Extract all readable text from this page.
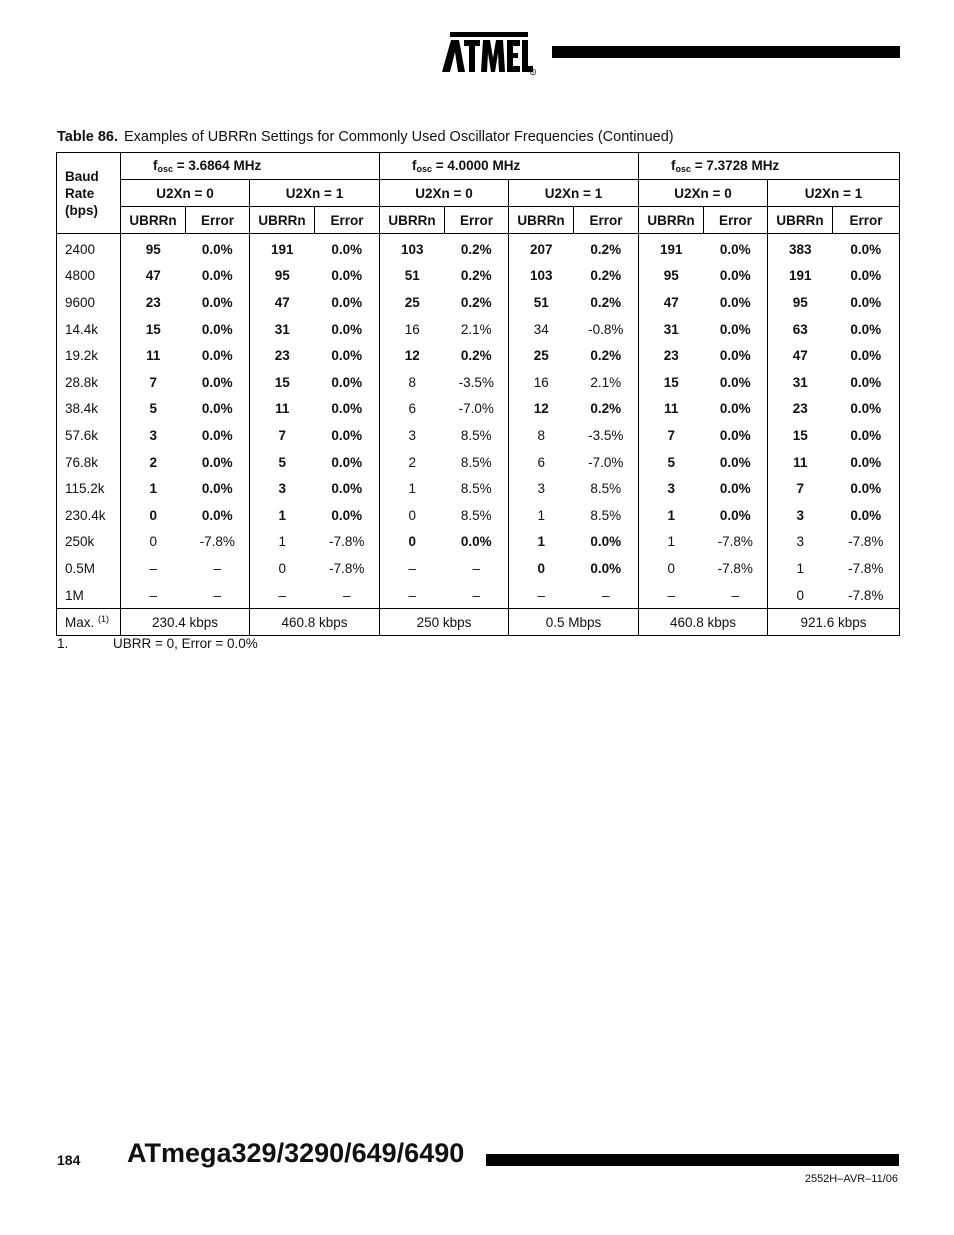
®
Table 86. Examples of UBRRn Settings for Commonly Used Oscillator Frequencies (Continued)
Baud
Rate
(bps)	$f_{osc} = 3.6864$ MHz				$f_{osc} = 4.0000$ MHz				$f_{osc} = 7.3728$ MHz			
	U2Xn = 0		U2Xn = 1		U2Xn = 0		U2Xn = 1		U2Xn = 0		U2Xn = 1	
	UBRRn	Error	UBRRn	Error	UBRRn	Error	UBRRn	Error	UBRRn	Error	UBRRn	Error
2400	95	0.0%	191	0.0%	103	0.2%	207	0.2%	191	0.0%	383	0.0%
4800	47	0.0%	95	0.0%	51	0.2%	103	0.2%	95	0.0%	191	0.0%
9600	23	0.0%	47	0.0%	25	0.2%	51	0.2%	47	0.0%	95	0.0%
14.4k	15	0.0%	31	0.0%	16	2.1%	34	-0.8%	31	0.0%	63	0.0%
19.2k	11	0.0%	23	0.0%	12	0.2%	25	0.2%	23	0.0%	47	0.0%
28.8k	7	0.0%	15	0.0%	8	-3.5%	16	2.1%	15	0.0%	31	0.0%
38.4k	5	0.0%	11	0.0%	6	-7.0%	12	0.2%	11	0.0%	23	0.0%
57.6k	3	0.0%	7	0.0%	3	8.5%	8	-3.5%	7	0.0%	15	0.0%
76.8k	2	0.0%	5	0.0%	2	8.5%	6	-7.0%	5	0.0%	11	0.0%
115.2k	1	0.0%	3	0.0%	1	8.5%	3	8.5%	3	0.0%	7	0.0%
230.4k	0	0.0%	1	0.0%	0	8.5%	1	8.5%	1	0.0%	3	0.0%
250k	0	-7.8%	1	-7.8%	0	0.0%	1	0.0%	1	-7.8%	3	-7.8%
0.5M	–	–	0	-7.8%	–	–	0	0.0%	0	-7.8%	1	-7.8%
1M	–	–	–	–	–	–	–	–	–	–	0	-7.8%
Max. $^{(1)}$	230.4 kbps		460.8 kbps		250 kbps		0.5 Mbps		460.8 kbps		921.6 kbps	
1.	UBRR = 0, Error = 0.0%
184 ATmega329/3290/649/6490
2552H–AVR–11/06
